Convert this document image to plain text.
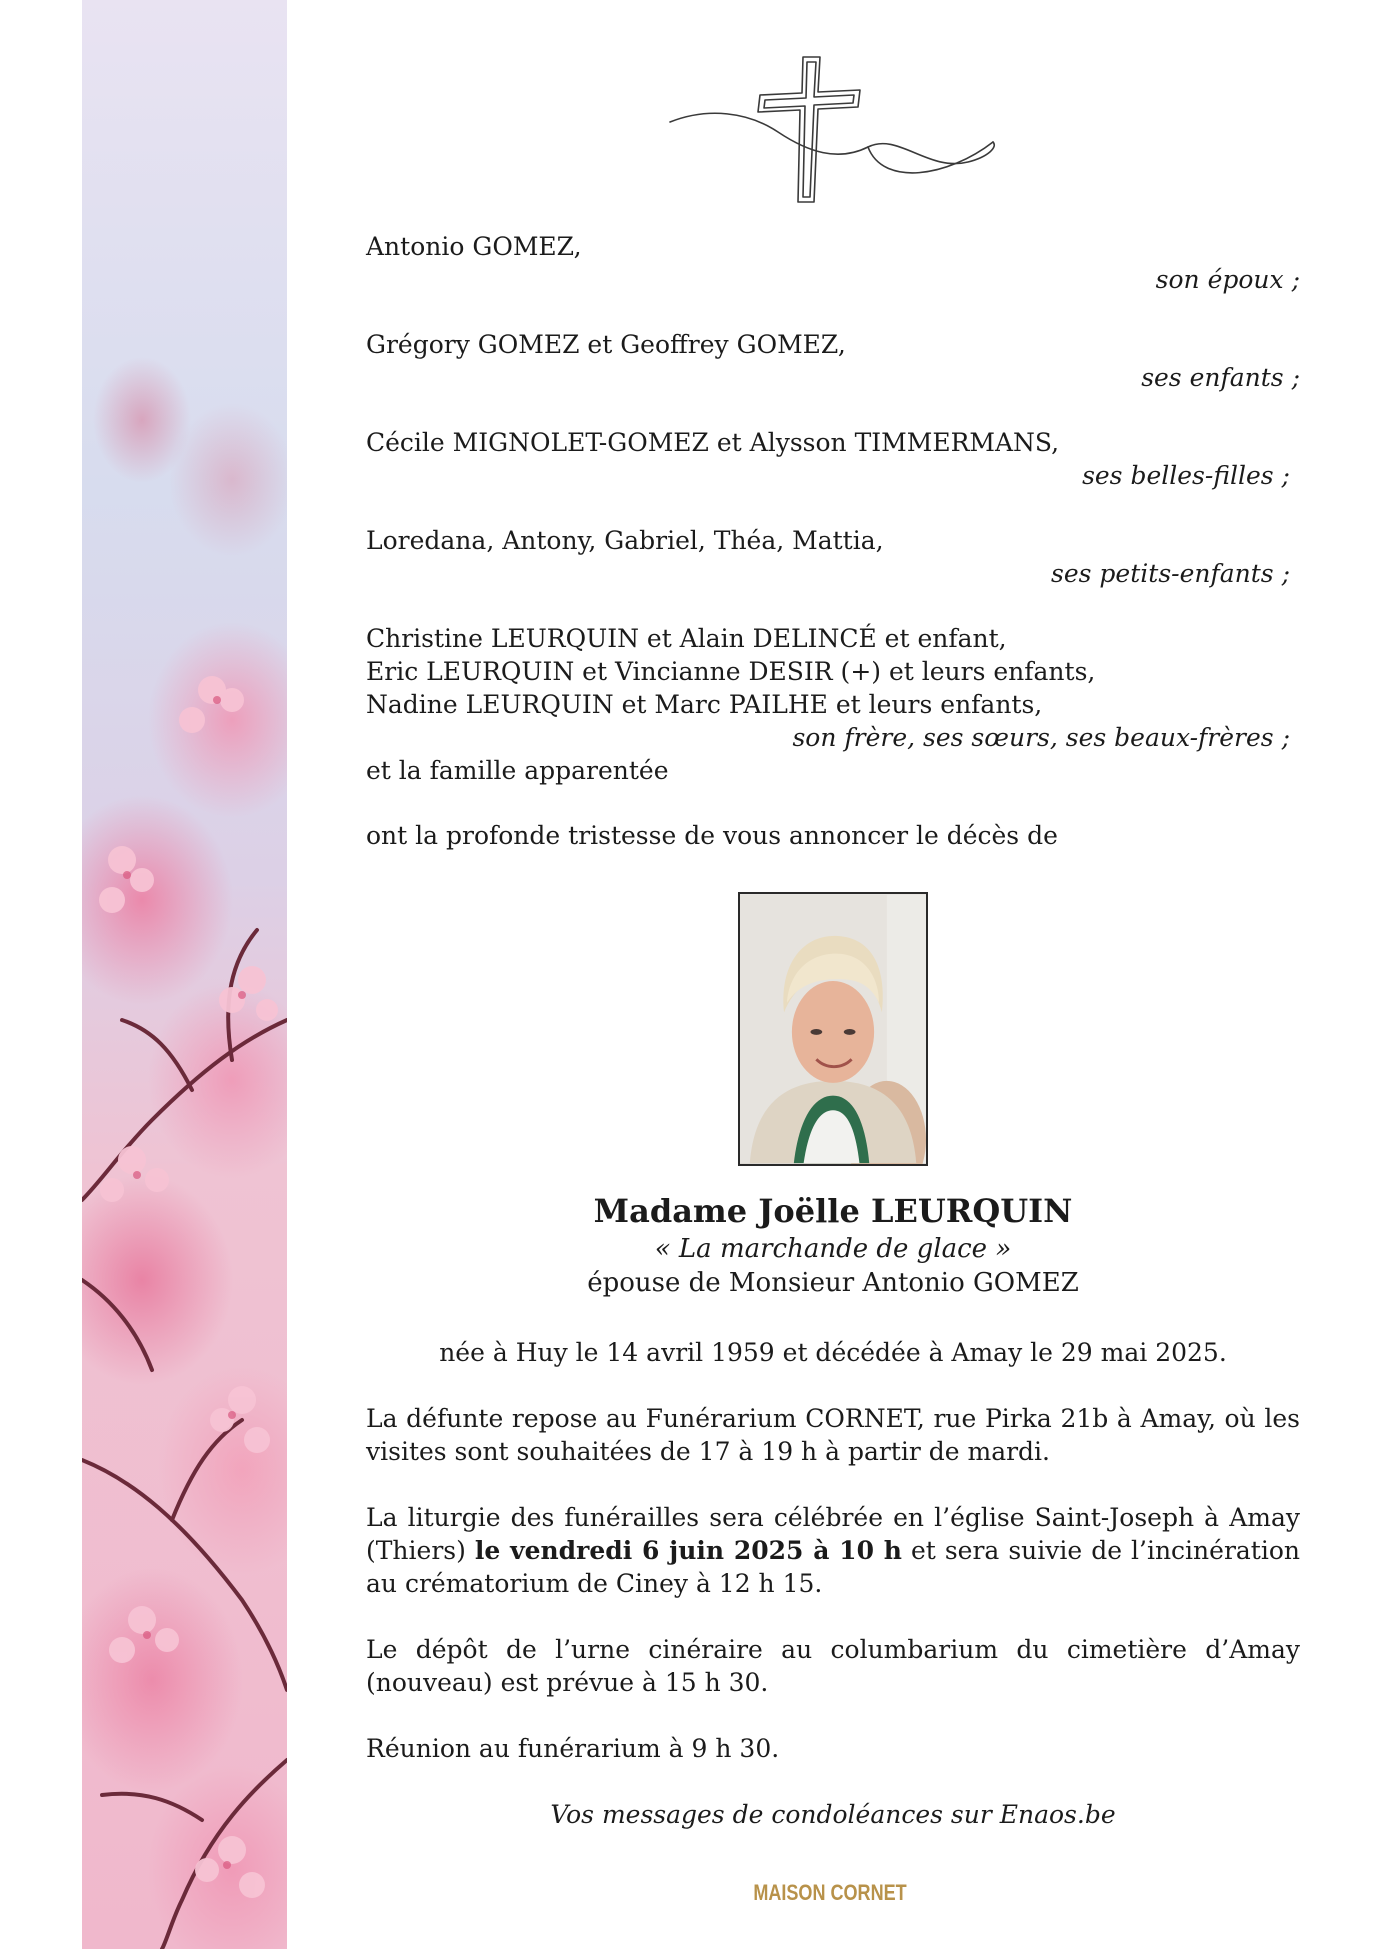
Antonio GOMEZ,
son époux ;
Grégory GOMEZ et Geoffrey GOMEZ,
ses enfants ;
Cécile MIGNOLET-GOMEZ et Alysson TIMMERMANS,
ses belles-filles ;
Loredana, Antony, Gabriel, Théa, Mattia,
ses petits-enfants ;
Christine LEURQUIN et Alain DELINCÉ et enfant,
Eric LEURQUIN et Vincianne DESIR (+) et leurs enfants,
Nadine LEURQUIN et Marc PAILHE et leurs enfants,
son frère, ses sœurs, ses beaux-frères ;
et la famille apparentée
ont la profonde tristesse de vous annoncer le décès de
Madame Joëlle LEURQUIN
« La marchande de glace »
épouse de Monsieur Antonio GOMEZ
née à Huy le 14 avril 1959 et décédée à Amay le 29 mai 2025.
La défunte repose au Funérarium CORNET, rue Pirka 21b à Amay, où les visites sont souhaitées de 17 à 19 h à partir de mardi.
La liturgie des funérailles sera célébrée en l’église Saint-Joseph à Amay (Thiers) le vendredi 6 juin 2025 à 10 h et sera suivie de l’incinération au crématorium de Ciney à 12 h 15.
Le dépôt de l’urne cinéraire au columbarium du cimetière d’Amay (nouveau) est prévue à 15 h 30.
Réunion au funérarium à 9 h 30.
Vos messages de condoléances sur Enaos.be
MAISON CORNET
